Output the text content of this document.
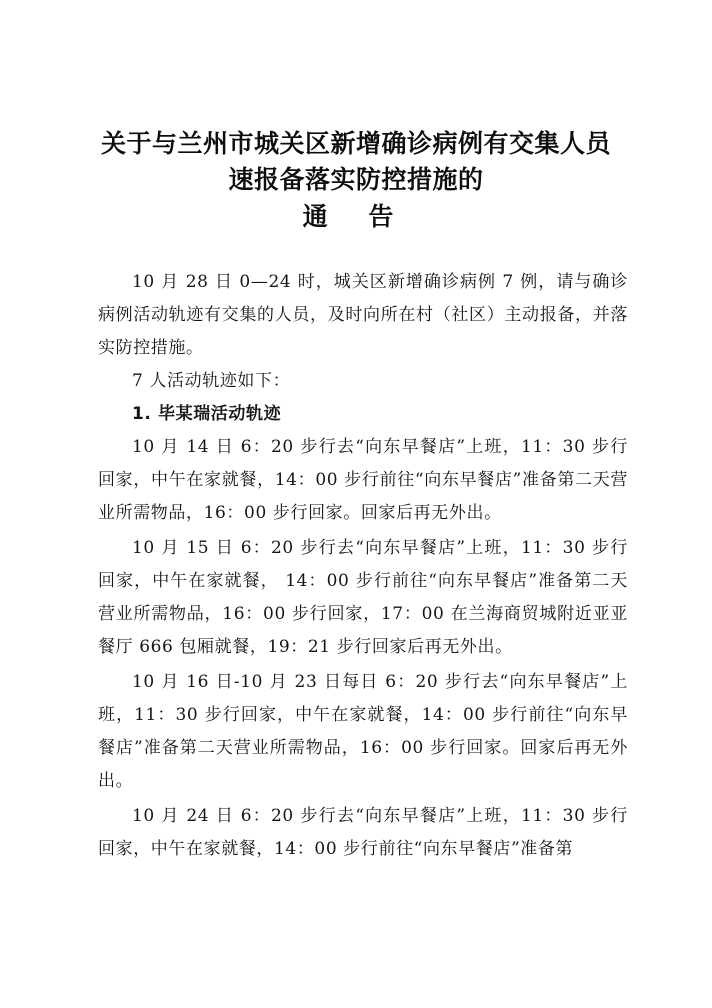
关于与兰州市城关区新增确诊病例有交集人员
速报备落实防控措施的
通 告

10 月 28 日 0—24 时，城关区新增确诊病例 7 例，请与确诊病例活动轨迹有交集的人员，及时向所在村（社区）主动报备，并落实防控措施。

7 人活动轨迹如下：

1. 毕某瑞活动轨迹

10 月 14 日 6：20 步行去“向东早餐店”上班，11：30 步行回家，中午在家就餐，14：00 步行前往“向东早餐店”准备第二天营业所需物品，16：00 步行回家。回家后再无外出。

10 月 15 日 6：20 步行去“向东早餐店”上班，11：30 步行回家，中午在家就餐， 14：00 步行前往“向东早餐店”准备第二天营业所需物品，16：00 步行回家，17：00 在兰海商贸城附近亚亚餐厅 666 包厢就餐，19：21 步行回家后再无外出。

10 月 16 日-10 月 23 日每日 6：20 步行去“向东早餐店”上班，11：30 步行回家，中午在家就餐，14：00 步行前往“向东早餐店”准备第二天营业所需物品，16：00 步行回家。回家后再无外出。

10 月 24 日 6：20 步行去“向东早餐店”上班，11：30 步行回家，中午在家就餐，14：00 步行前往“向东早餐店”准备第
